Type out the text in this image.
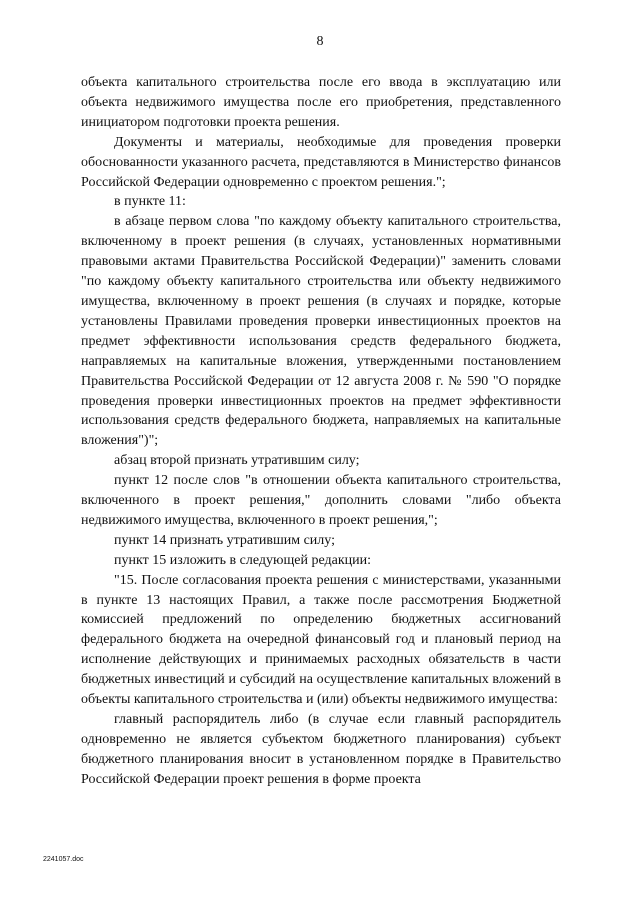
8

объекта капитального строительства после его ввода в эксплуатацию или объекта недвижимого имущества после его приобретения, представленного инициатором подготовки проекта решения.

Документы и материалы, необходимые для проведения проверки обоснованности указанного расчета, представляются в Министерство финансов Российской Федерации одновременно с проектом решения.";

в пункте 11:

в абзаце первом слова "по каждому объекту капитального строительства, включенному в проект решения (в случаях, установленных нормативными правовыми актами Правительства Российской Федерации)" заменить словами "по каждому объекту капитального строительства или объекту недвижимого имущества, включенному в проект решения (в случаях и порядке, которые установлены Правилами проведения проверки инвестиционных проектов на предмет эффективности использования средств федерального бюджета, направляемых на капитальные вложения, утвержденными постановлением Правительства Российской Федерации от 12 августа 2008 г. № 590 "О порядке проведения проверки инвестиционных проектов на предмет эффективности использования средств федерального бюджета, направляемых на капитальные вложения")";

абзац второй признать утратившим силу;

пункт 12 после слов "в отношении объекта капитального строительства, включенного в проект решения," дополнить словами "либо объекта недвижимого имущества, включенного в проект решения,";

пункт 14 признать утратившим силу;

пункт 15 изложить в следующей редакции:

"15. После согласования проекта решения с министерствами, указанными в пункте 13 настоящих Правил, а также после рассмотрения Бюджетной комиссией предложений по определению бюджетных ассигнований федерального бюджета на очередной финансовый год и плановый период на исполнение действующих и принимаемых расходных обязательств в части бюджетных инвестиций и субсидий на осуществление капитальных вложений в объекты капитального строительства и (или) объекты недвижимого имущества:

главный распорядитель либо (в случае если главный распорядитель одновременно не является субъектом бюджетного планирования) субъект бюджетного планирования вносит в установленном порядке в Правительство Российской Федерации проект решения в форме проекта

2241057.doc
